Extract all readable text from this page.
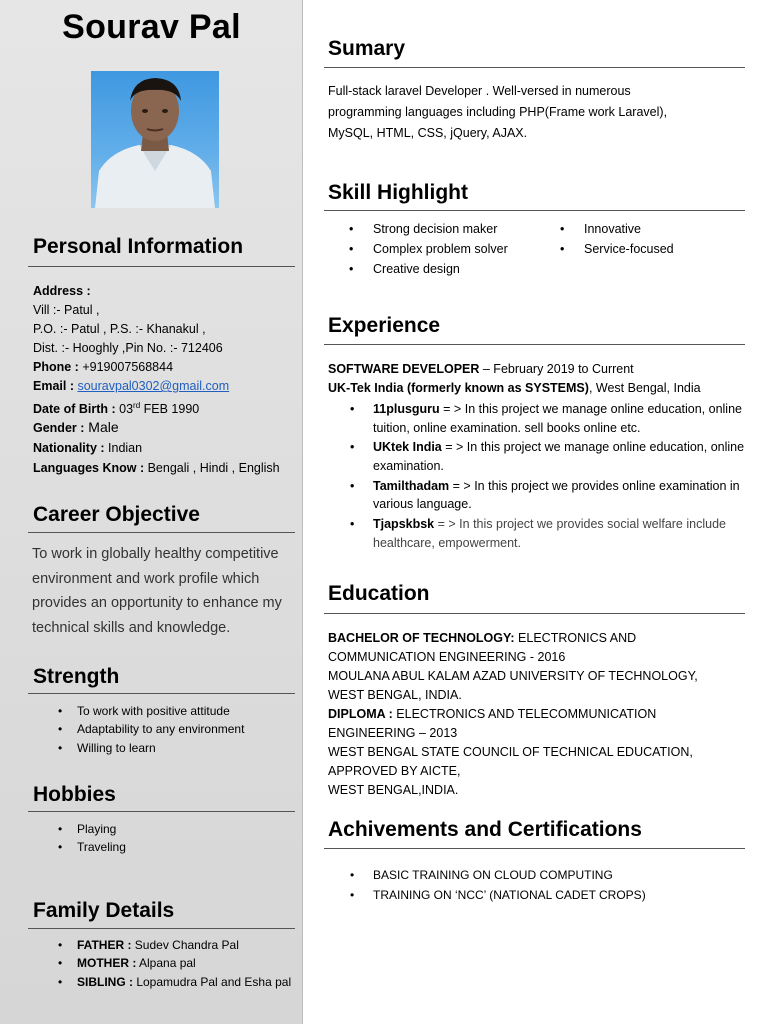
Sourav Pal
Personal Information
Address :
Vill :- Patul ,
P.O. :- Patul , P.S. :- Khanakul ,
Dist. :- Hooghly ,Pin No. :- 712406
Phone : +919007568844
Email : souravpal0302@gmail.com
Date of Birth : 03rd FEB 1990
Gender : Male
Nationality : Indian
Languages Know : Bengali , Hindi , English
Career Objective
To work in globally healthy competitive environment and work profile which provides an opportunity to enhance my technical skills and knowledge.
Strength
• To work with positive attitude
• Adaptability to any environment
• Willing to learn
Hobbies
• Playing
• Traveling
Family Details
• FATHER : Sudev Chandra Pal
• MOTHER : Alpana pal
• SIBLING : Lopamudra Pal and Esha pal
Sumary
Full-stack laravel Developer . Well-versed in numerous
programming languages including PHP(Frame work Laravel),
MySQL, HTML, CSS, jQuery, AJAX.
Skill Highlight
• Strong decision maker
• Complex problem solver
• Creative design
• Innovative
• Service-focused
Experience
SOFTWARE DEVELOPER – February 2019 to Current
UK-Tek India (formerly known as SYSTEMS), West Bengal, India
• 11plusguru = > In this project we manage online education, online tuition, online examination. sell books online etc.
• UKtek India = > In this project we manage online education, online examination.
• Tamilthadam = > In this project we provides online examination in various language.
• Tjapskbsk = > In this project we provides social welfare include healthcare, empowerment.
Education
BACHELOR OF TECHNOLOGY: ELECTRONICS AND COMMUNICATION ENGINEERING - 2016
MOULANA ABUL KALAM AZAD UNIVERSITY OF TECHNOLOGY,
WEST BENGAL, INDIA.
DIPLOMA : ELECTRONICS AND TELECOMMUNICATION ENGINEERING – 2013
WEST BENGAL STATE COUNCIL OF TECHNICAL EDUCATION,
APPROVED BY AICTE,
WEST BENGAL,INDIA.
Achivements and Certifications
• BASIC TRAINING ON CLOUD COMPUTING
• TRAINING ON ‘NCC’ (NATIONAL CADET CROPS)
